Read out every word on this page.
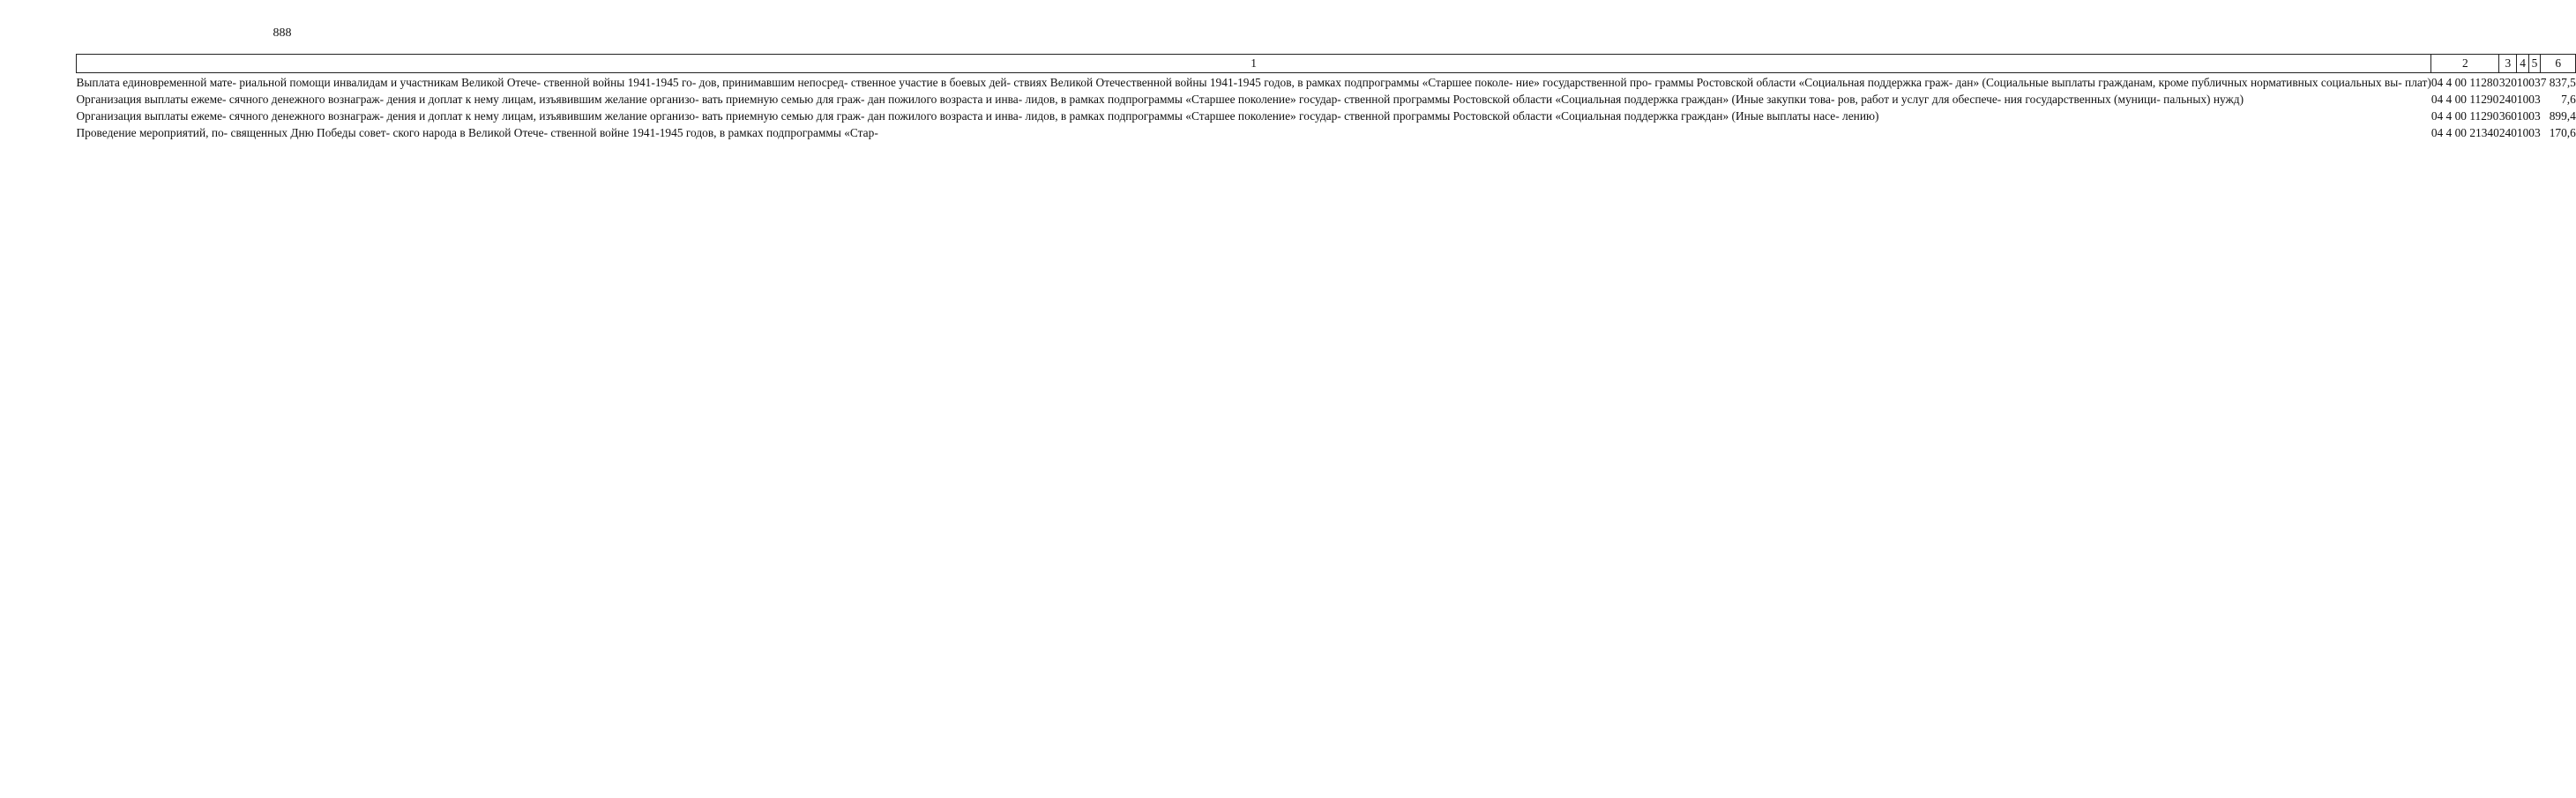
888
1	2	3	4	5	6
Выплата единовременной мате- риальной помощи инвалидам и участникам Великой Отече- ственной войны 1941-1945 го- дов, принимавшим непосред- ственное участие в боевых дей- ствиях Великой Отечественной войны 1941-1945 годов, в рамках подпрограммы «Старшее поколе- ние» государственной про- граммы Ростовской области «Социальная поддержка граж- дан» (Социальные выплаты гражданам, кроме публичных нормативных социальных вы- плат)	04 4 00 11280	320	10	03	7 837,5
Организация выплаты ежеме- сячного денежного вознаграж- дения и доплат к нему лицам, изъявившим желание организо- вать приемную семью для граж- дан пожилого возраста и инва- лидов, в рамках подпрограммы «Старшее поколение» государ- ственной программы Ростовской области «Социальная поддержка граждан» (Иные закупки това- ров, работ и услуг для обеспече- ния государственных (муници- пальных) нужд)	04 4 00 11290	240	10	03	7,6
Организация выплаты ежеме- сячного денежного вознаграж- дения и доплат к нему лицам, изъявившим желание организо- вать приемную семью для граж- дан пожилого возраста и инва- лидов, в рамках подпрограммы «Старшее поколение» государ- ственной программы Ростовской области «Социальная поддержка граждан» (Иные выплаты насе- лению)	04 4 00 11290	360	10	03	899,4
Проведение мероприятий, по- священных Дню Победы совет- ского народа в Великой Отече- ственной войне 1941-1945 годов, в рамках подпрограммы «Стар-	04 4 00 21340	240	10	03	170,6
